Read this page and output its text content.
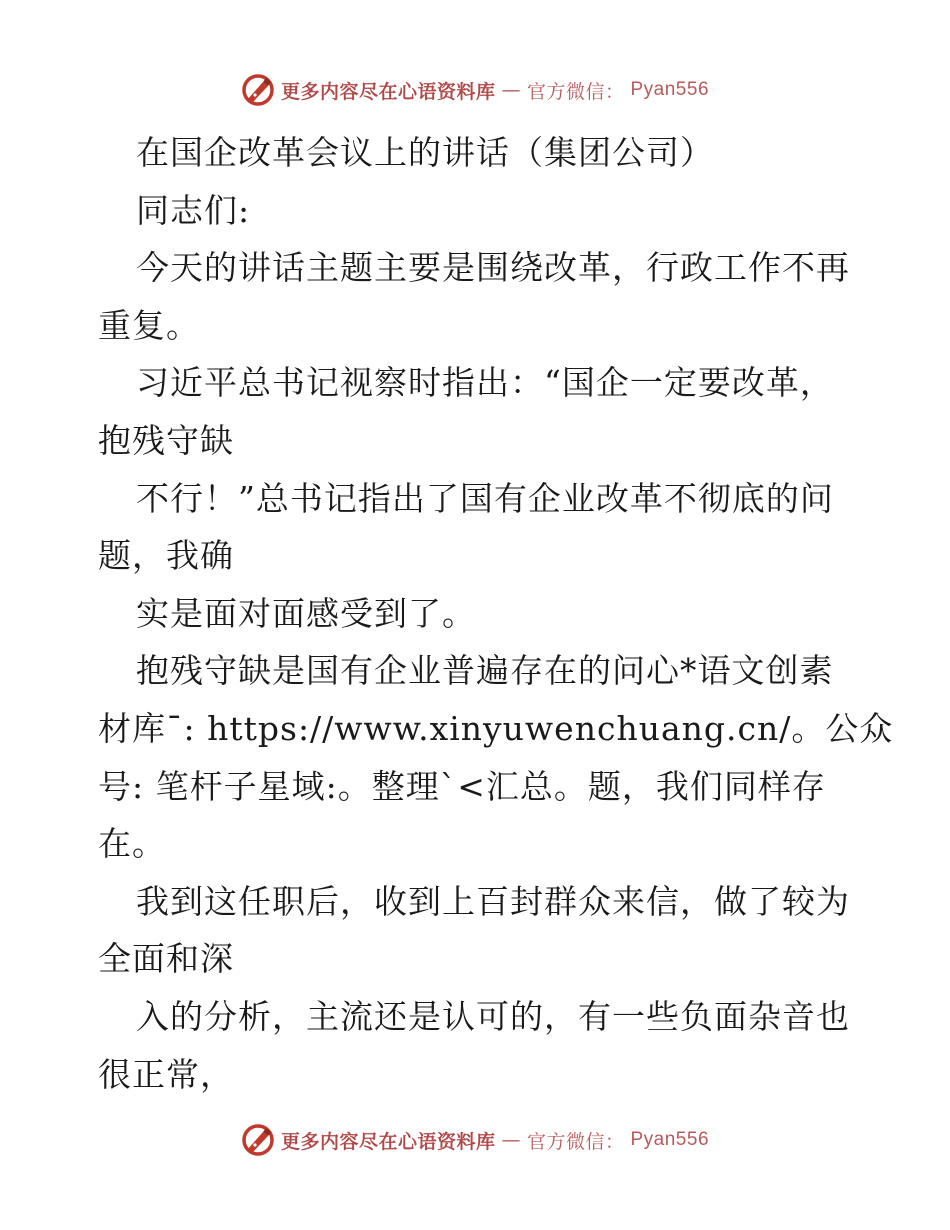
更多内容尽在心语资料库 — 官方微信： Pyan556
在国企改革会议上的讲话（集团公司）
同志们:
今天的讲话主题主要是围绕改革，行政工作不再
重复。
习近平总书记视察时指出：“国企一定要改革，
抱残守缺
不行！”总书记指出了国有企业改革不彻底的问
题，我确
实是面对面感受到了。
抱残守缺是国有企业普遍存在的问心*语文创素
材库¯: https://www.xinyuwenchuang.cn/。公众
号: 笔杆子星域:。整理`<汇总。题，我们同样存
在。
我到这任职后，收到上百封群众来信，做了较为
全面和深
入的分析，主流还是认可的，有一些负面杂音也
很正常，
更多内容尽在心语资料库 — 官方微信： Pyan556
